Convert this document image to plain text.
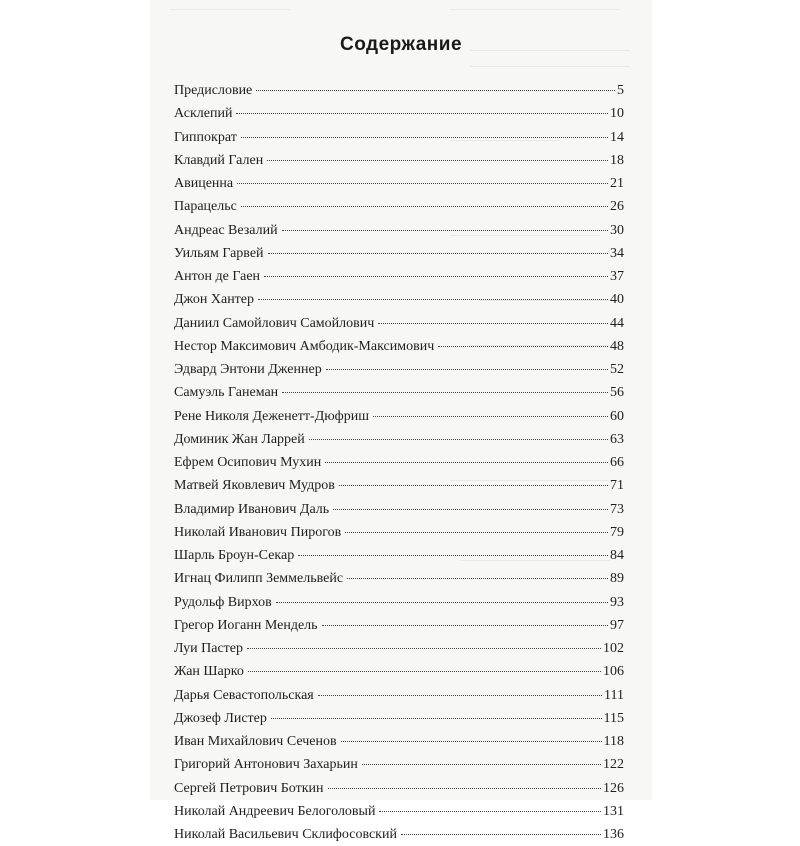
Содержание
Предисловие	5
Асклепий	10
Гиппократ	14
Клавдий Гален	18
Авиценна	21
Парацельс	26
Андреас Везалий	30
Уильям Гарвей	34
Антон де Гаен	37
Джон Хантер	40
Даниил Самойлович Самойлович	44
Нестор Максимович Амбодик-Максимович	48
Эдвард Энтони Дженнер	52
Самуэль Ганеман	56
Рене Николя Деженетт-Дюфриш	60
Доминик Жан Ларрей	63
Ефрем Осипович Мухин	66
Матвей Яковлевич Мудров	71
Владимир Иванович Даль	73
Николай Иванович Пирогов	79
Шарль Броун-Секар	84
Игнац Филипп Земмельвейс	89
Рудольф Вирхов	93
Грегор Иоганн Мендель	97
Луи Пастер	102
Жан Шарко	106
Дарья Севастопольская	111
Джозеф Листер	115
Иван Михайлович Сеченов	118
Григорий Антонович Захарьин	122
Сергей Петрович Боткин	126
Николай Андреевич Белоголовый	131
Николай Васильевич Склифосовский	136
